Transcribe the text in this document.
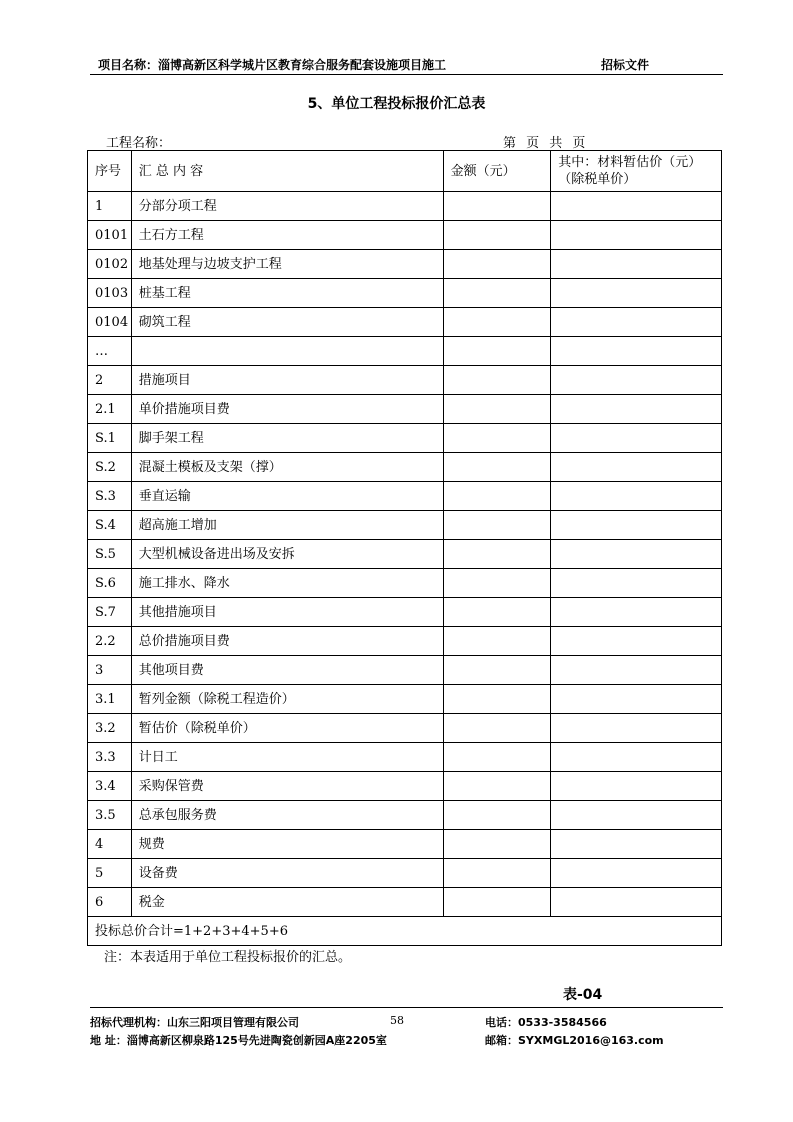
项目名称：淄博高新区科学城片区教育综合服务配套设施项目施工	招标文件
5、单位工程投标报价汇总表
工程名称：	第 页 共 页
序号	汇 总 内 容	金额（元）	其中：材料暂估价（元）
（除税单价）

1	分部分项工程		
0101	土石方工程		
0102	地基处理与边坡支护工程		
0103	桩基工程		
0104	砌筑工程		
…			
2	措施项目		
2.1	单价措施项目费		
S.1	脚手架工程		
S.2	混凝土模板及支架（撑）		
S.3	垂直运输		
S.4	超高施工增加		
S.5	大型机械设备进出场及安拆		
S.6	施工排水、降水		
S.7	其他措施项目		
2.2	总价措施项目费		
3	其他项目费		
3.1	暂列金额（除税工程造价）		
3.2	暂估价（除税单价）		
3.3	计日工		
3.4	采购保管费		
3.5	总承包服务费		
4	规费		
5	设备费		
6	税金		
投标总价合计=1+2+3+4+5+6			
注：本表适用于单位工程投标报价的汇总。
表-04
招标代理机构：山东三阳项目管理有限公司	58	电话：0533-3584566
地 址：淄博高新区柳泉路125号先进陶瓷创新园A座2205室	邮箱：SYXMGL2016@163.com
